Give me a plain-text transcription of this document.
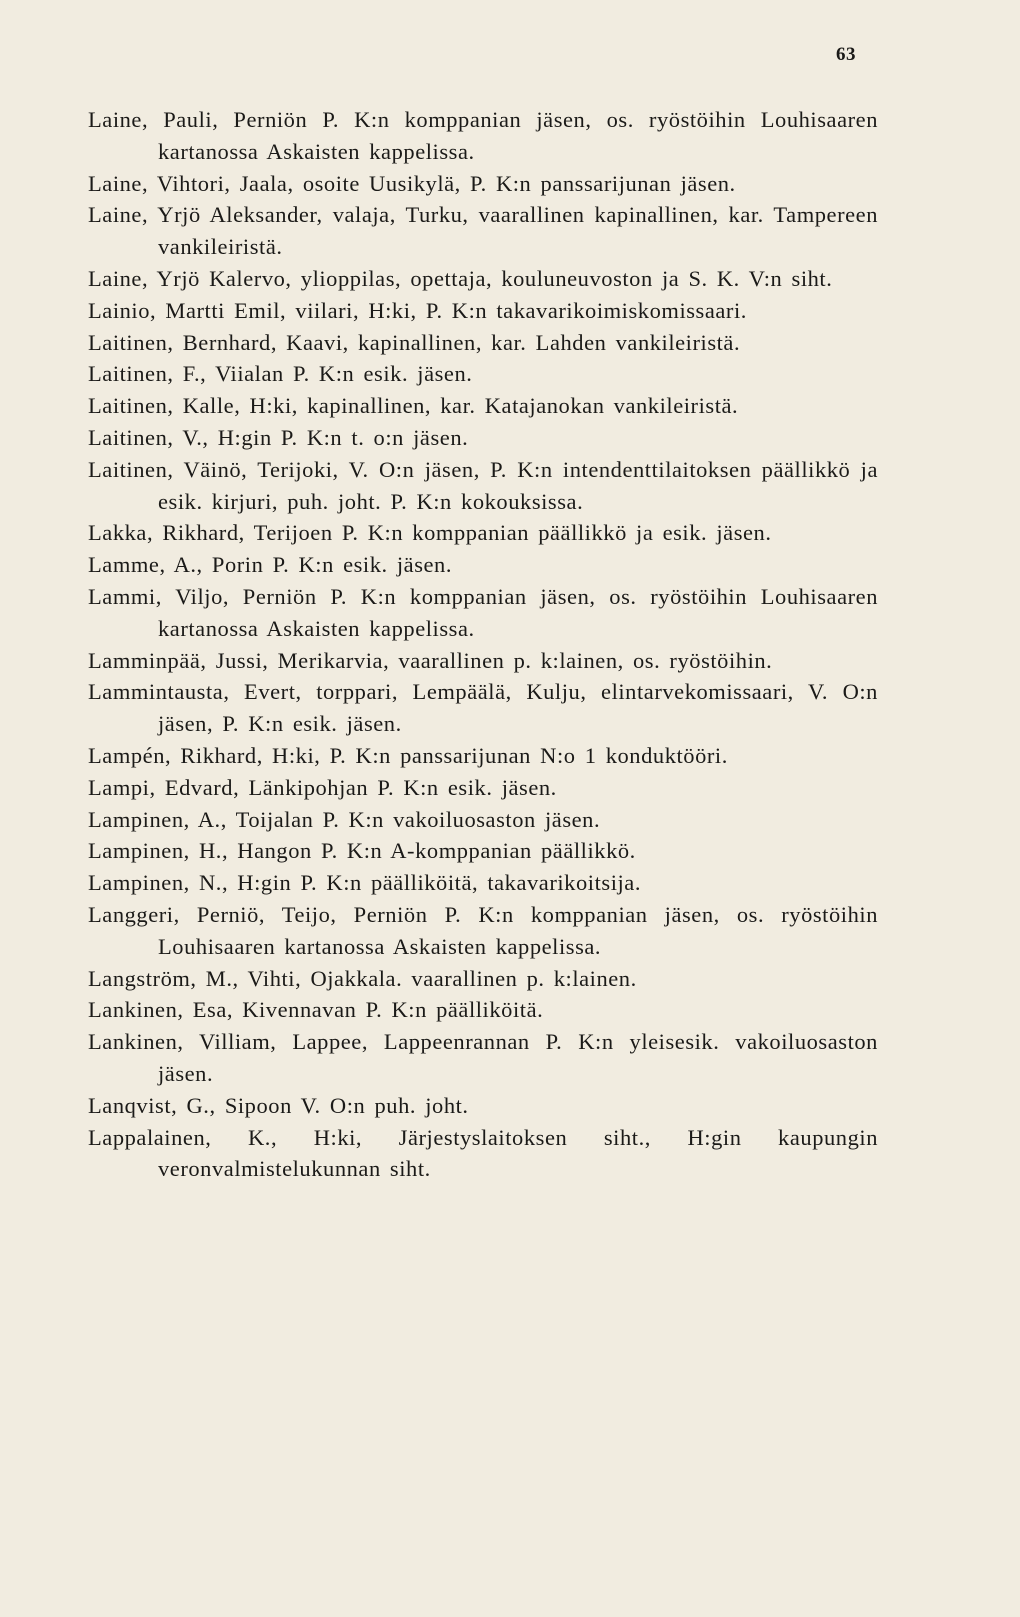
63

Laine, Pauli, Perniön P. K:n komppanian jäsen, os. ryöstöihin Louhisaaren kartanossa Askaisten kappelissa.

Laine, Vihtori, Jaala, osoite Uusikylä, P. K:n panssarijunan jäsen.

Laine, Yrjö Aleksander, valaja, Turku, vaarallinen kapinallinen, kar. Tampereen vankileiristä.

Laine, Yrjö Kalervo, ylioppilas, opettaja, kouluneuvoston ja S. K. V:n siht.

Lainio, Martti Emil, viilari, H:ki, P. K:n takavarikoimiskomissaari.

Laitinen, Bernhard, Kaavi, kapinallinen, kar. Lahden vankileiristä.

Laitinen, F., Viialan P. K:n esik. jäsen.

Laitinen, Kalle, H:ki, kapinallinen, kar. Katajanokan vankileiristä.

Laitinen, V., H:gin P. K:n t. o:n jäsen.

Laitinen, Väinö, Terijoki, V. O:n jäsen, P. K:n intendenttilaitoksen päällikkö ja esik. kirjuri, puh. joht. P. K:n kokouksissa.

Lakka, Rikhard, Terijoen P. K:n komppanian päällikkö ja esik. jäsen.

Lamme, A., Porin P. K:n esik. jäsen.

Lammi, Viljo, Perniön P. K:n komppanian jäsen, os. ryöstöihin Louhisaaren kartanossa Askaisten kappelissa.

Lamminpää, Jussi, Merikarvia, vaarallinen p. k:lainen, os. ryöstöihin.

Lammintausta, Evert, torppari, Lempäälä, Kulju, elintarvekomissaari, V. O:n jäsen, P. K:n esik. jäsen.

Lampén, Rikhard, H:ki, P. K:n panssarijunan N:o 1 konduktööri.

Lampi, Edvard, Länkipohjan P. K:n esik. jäsen.

Lampinen, A., Toijalan P. K:n vakoiluosaston jäsen.

Lampinen, H., Hangon P. K:n A-komppanian päällikkö.

Lampinen, N., H:gin P. K:n päälliköitä, takavarikoitsija.

Langgeri, Perniö, Teijo, Perniön P. K:n komppanian jäsen, os. ryöstöihin Louhisaaren kartanossa Askaisten kappelissa.

Langström, M., Vihti, Ojakkala. vaarallinen p. k:lainen.

Lankinen, Esa, Kivennavan P. K:n päälliköitä.

Lankinen, Villiam, Lappee, Lappeenrannan P. K:n yleisesik. vakoiluosaston jäsen.

Lanqvist, G., Sipoon V. O:n puh. joht.

Lappalainen, K., H:ki, Järjestyslaitoksen siht., H:gin kaupungin veronvalmistelukunnan siht.
